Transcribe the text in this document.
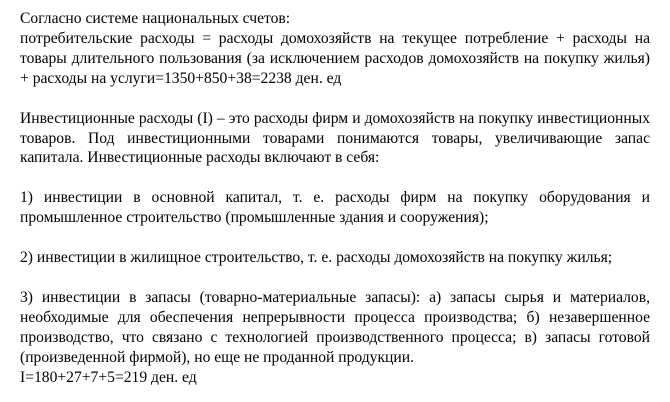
Согласно системе национальных счетов:

потребительские расходы = расходы домохозяйств на текущее потребление + расходы на товары длительного пользования (за исключением расходов домохозяйств на покупку жилья) + расходы на услуги=1350+850+38=2238 ден. ед

Инвестиционные расходы (I) – это расходы фирм и домохозяйств на покупку инвестиционных товаров. Под инвестиционными товарами понимаются товары, увеличивающие запас капитала. Инвестиционные расходы включают в себя:

1) инвестиции в основной капитал, т. е. расходы фирм на покупку оборудования и промышленное строительство (промышленные здания и сооружения);

2) инвестиции в жилищное строительство, т. е. расходы домохозяйств на покупку жилья;

3) инвестиции в запасы (товарно-материальные запасы): а) запасы сырья и материалов, необходимые для обеспечения непрерывности процесса производства; б) незавершенное производство, что связано с технологией производственного процесса; в) запасы готовой (произведенной фирмой), но еще не проданной продукции.

I=180+27+7+5=219 ден. ед
